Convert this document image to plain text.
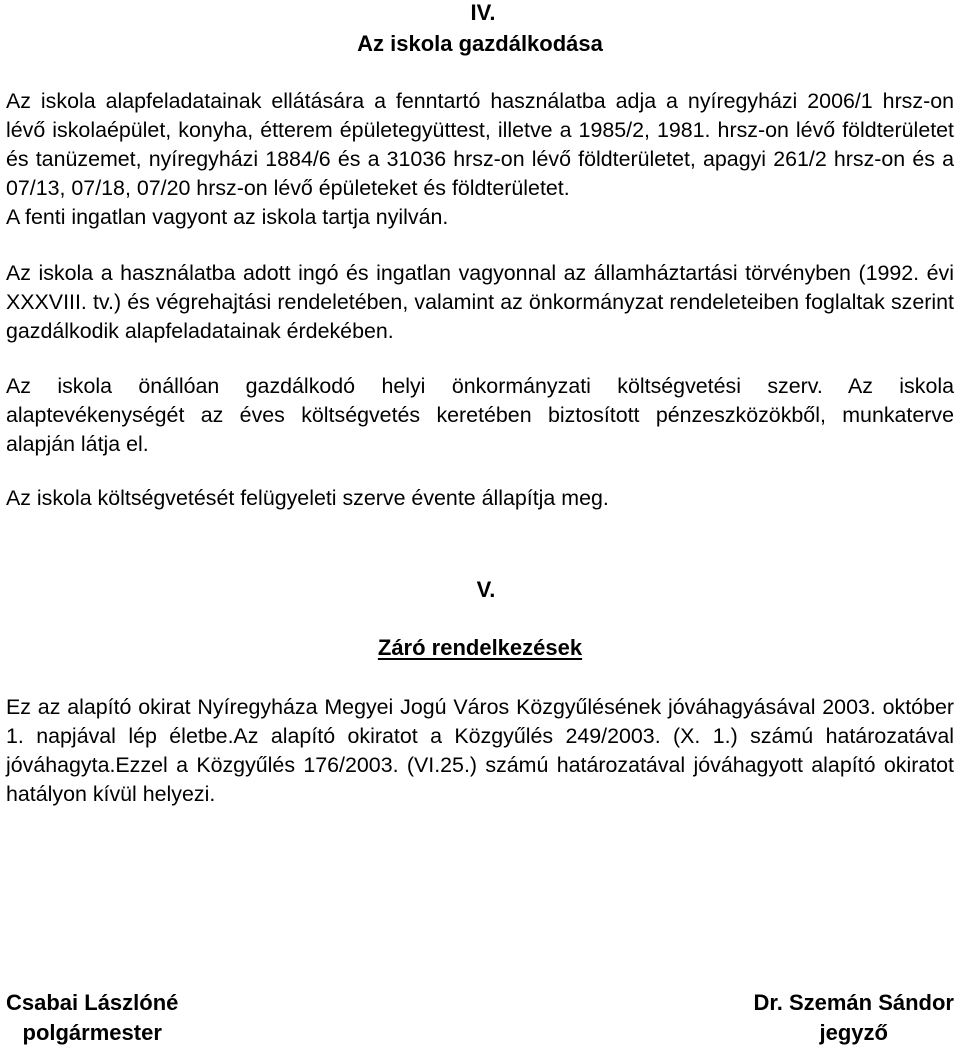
IV.

Az iskola gazdálkodása

Az iskola alapfeladatainak ellátására a fenntartó használatba adja a nyíregyházi 2006/1 hrsz-on lévő iskolaépület, konyha, étterem épületegyüttest, illetve a 1985/2, 1981. hrsz-on lévő földterületet és tanüzemet, nyíregyházi 1884/6 és a 31036 hrsz-on lévő földterületet, apagyi 261/2 hrsz-on és a 07/13, 07/18, 07/20 hrsz-on lévő épületeket és földterületet.

A fenti ingatlan vagyont az iskola tartja nyilván.

Az iskola a használatba adott ingó és ingatlan vagyonnal az államháztartási törvényben (1992. évi XXXVIII. tv.) és végrehajtási rendeletében, valamint az önkormányzat rendeleteiben foglaltak szerint gazdálkodik alapfeladatainak érdekében.

Az iskola önállóan gazdálkodó helyi önkormányzati költségvetési szerv. Az iskola alaptevékenységét az éves költségvetés keretében biztosított pénzeszközökből, munkaterve alapján látja el.

Az iskola költségvetését felügyeleti szerve évente állapítja meg.

V.

Záró rendelkezések

Ez az alapító okirat Nyíregyháza Megyei Jogú Város Közgyűlésének jóváhagyásával 2003. október 1. napjával lép életbe.Az alapító okiratot a Közgyűlés 249/2003. (X. 1.) számú határozatával jóváhagyta.Ezzel a Közgyűlés 176/2003. (VI.25.) számú határozatával jóváhagyott alapító okiratot hatályon kívül helyezi.

Csabai Lászlóné
polgármester
Dr. Szemán Sándor
jegyző
